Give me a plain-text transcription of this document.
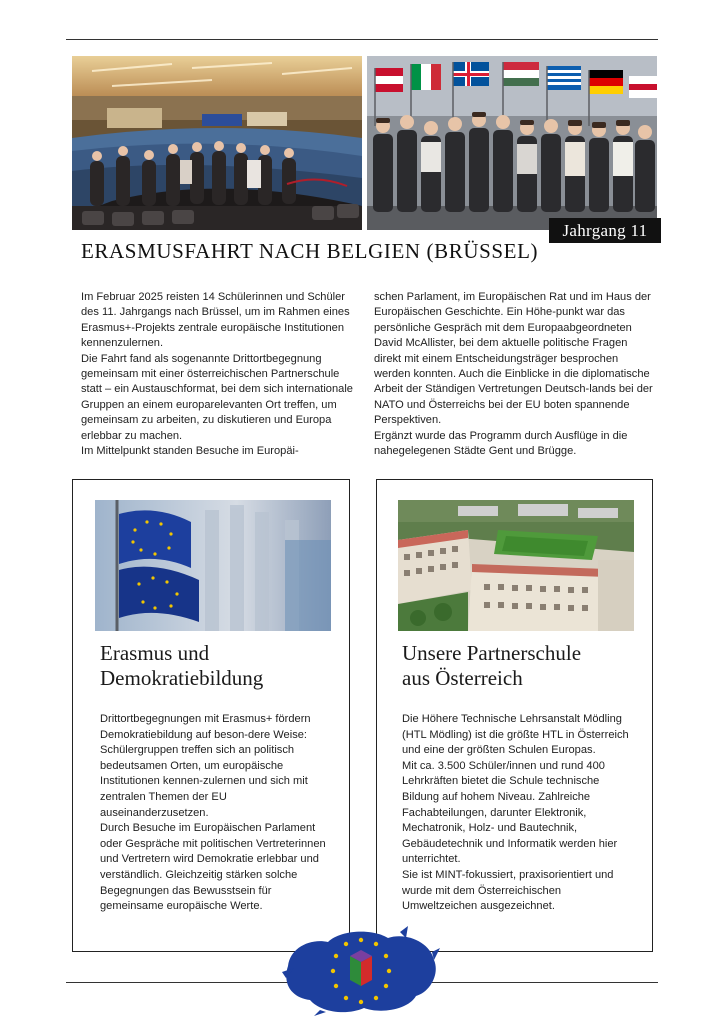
Jahrgang 11
ERASMUSFAHRT NACH BELGIEN (BRÜSSEL)

Im Februar 2025 reisten 14 Schülerinnen und Schüler des 11. Jahrgangs nach Brüssel, um im Rahmen eines Erasmus+-Projekts zentrale europäische Institutionen kennenzulernen.

Die Fahrt fand als sogenannte Drittortbegegnung gemeinsam mit einer österreichischen Partnerschule statt – ein Austauschformat, bei dem sich internationale Gruppen an einem europarelevanten Ort treffen, um gemeinsam zu arbeiten, zu diskutieren und Europa erlebbar zu machen.

Im Mittelpunkt standen Besuche im Europäi-

schen Parlament, im Europäischen Rat und im Haus der Europäischen Geschichte. Ein Höhe-punkt war das persönliche Gespräch mit dem Europaabgeordneten David McAllister, bei dem aktuelle politische Fragen direkt mit einem Entscheidungsträger besprochen werden konnten. Auch die Einblicke in die diplomatische Arbeit der Ständigen Vertretungen Deutsch-lands bei der NATO und Österreichs bei der EU boten spannende Perspektiven.

Ergänzt wurde das Programm durch Ausflüge in die nahegelegenen Städte Gent und Brügge.

Erasmus und
Demokratiebildung

Drittortbegegnungen mit Erasmus+ fördern Demokratiebildung auf beson-dere Weise: Schülergruppen treffen sich an politisch bedeutsamen Orten, um europäische Institutionen kennen-zulernen und sich mit zentralen Themen der EU auseinanderzusetzen.

Durch Besuche im Europäischen Parlament oder Gespräche mit politischen Vertreterinnen und Vertretern wird Demokratie erlebbar und verständlich. Gleichzeitig stärken solche Begegnungen das Bewusstsein für gemeinsame europäische Werte.

Unsere Partnerschule
aus Österreich

Die Höhere Technische Lehrsanstalt Mödling (HTL Mödling) ist die größte HTL in Österreich und eine der größten Schulen Europas.

Mit ca. 3.500 Schüler/innen und rund 400 Lehrkräften bietet die Schule technische Bildung auf hohem Niveau. Zahlreiche Fachabteilungen, darunter Elektronik, Mechatronik, Holz- und Bautechnik, Gebäudetechnik und Informatik werden hier unterrichtet.

Sie ist MINT-fokussiert, praxisorientiert und wurde mit dem Österreichischen Umweltzeichen ausgezeichnet.
